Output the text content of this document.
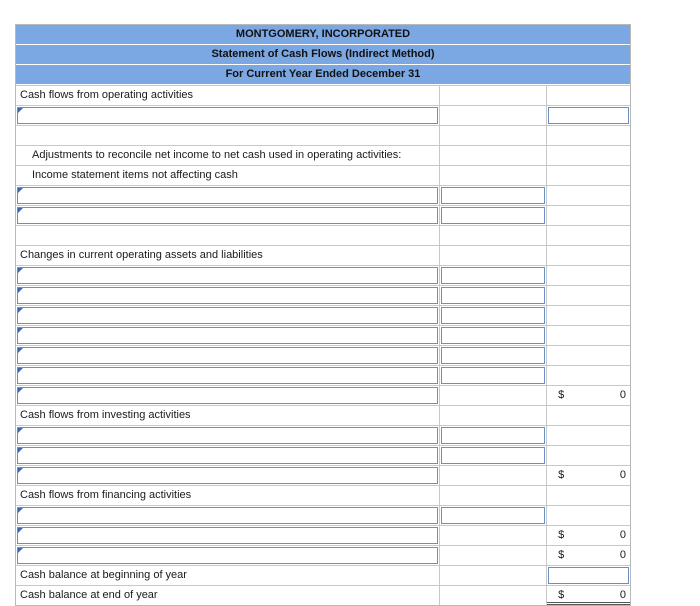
MONTGOMERY, INCORPORATED
Statement of Cash Flows (Indirect Method)
For Current Year Ended December 31
Cash flows from operating activities
Adjustments to reconcile net income to net cash used in operating activities:
Income statement items not affecting cash
Changes in current operating assets and liabilities
$	0
Cash flows from investing activities
$	0
Cash flows from financing activities
$	0
$	0
Cash balance at beginning of year
Cash balance at end of year	$	0
